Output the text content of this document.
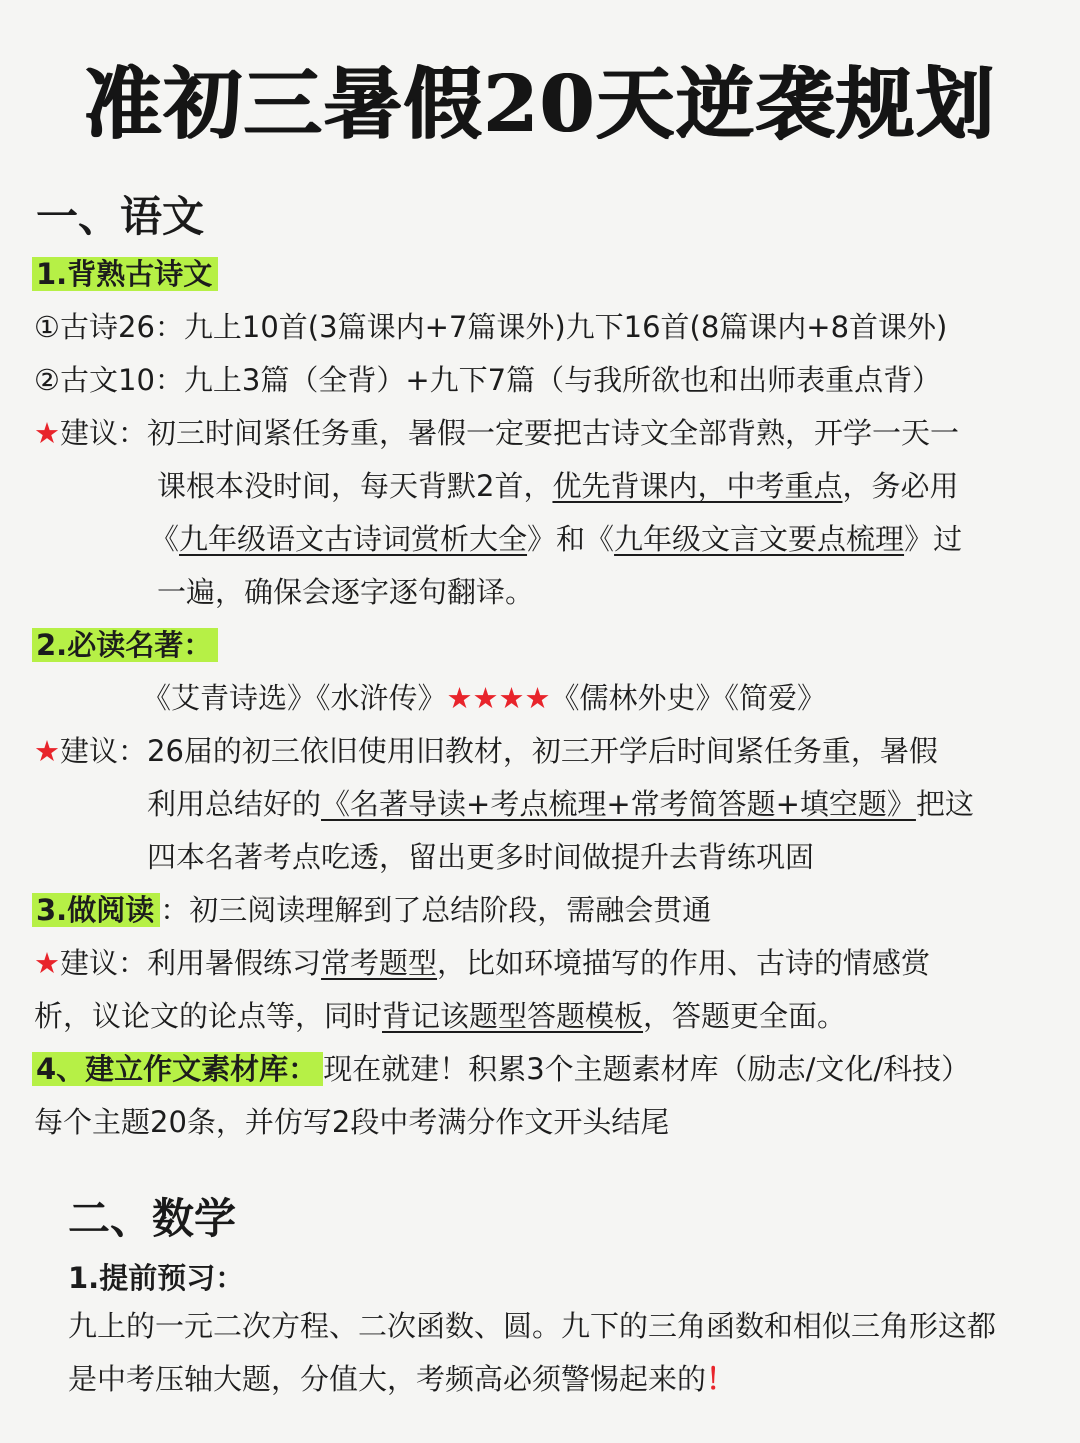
准初三暑假20天逆袭规划
一、语文
1.背熟古诗文
①古诗26：九上10首(3篇课内+7篇课外)九下16首(8篇课内+8首课外)
②古文10：九上3篇（全背）+九下7篇（与我所欲也和出师表重点背）
★建议：初三时间紧任务重，暑假一定要把古诗文全部背熟，开学一天一
课根本没时间，每天背默2首，优先背课内，中考重点，务必用
《九年级语文古诗词赏析大全》和《九年级文言文要点梳理》过
一遍，确保会逐字逐句翻译。
2.必读名著：
《艾青诗选》《水浒传》★★★★《儒林外史》《简爱》
★建议：26届的初三依旧使用旧教材，初三开学后时间紧任务重，暑假
利用总结好的《名著导读+考点梳理+常考简答题+填空题》把这
四本名著考点吃透，留出更多时间做提升去背练巩固
3.做阅读 ：初三阅读理解到了总结阶段，需融会贯通
★建议：利用暑假练习常考题型，比如环境描写的作用、古诗的情感赏
析，议论文的论点等，同时背记该题型答题模板，答题更全面。
4、建立作文素材库： 现在就建！积累3个主题素材库（励志/文化/科技）
每个主题20条，并仿写2段中考满分作文开头结尾
二、数学
1.提前预习：
九上的一元二次方程、二次函数、圆。九下的三角函数和相似三角形这都
是中考压轴大题，分值大，考频高必须警惕起来的！
